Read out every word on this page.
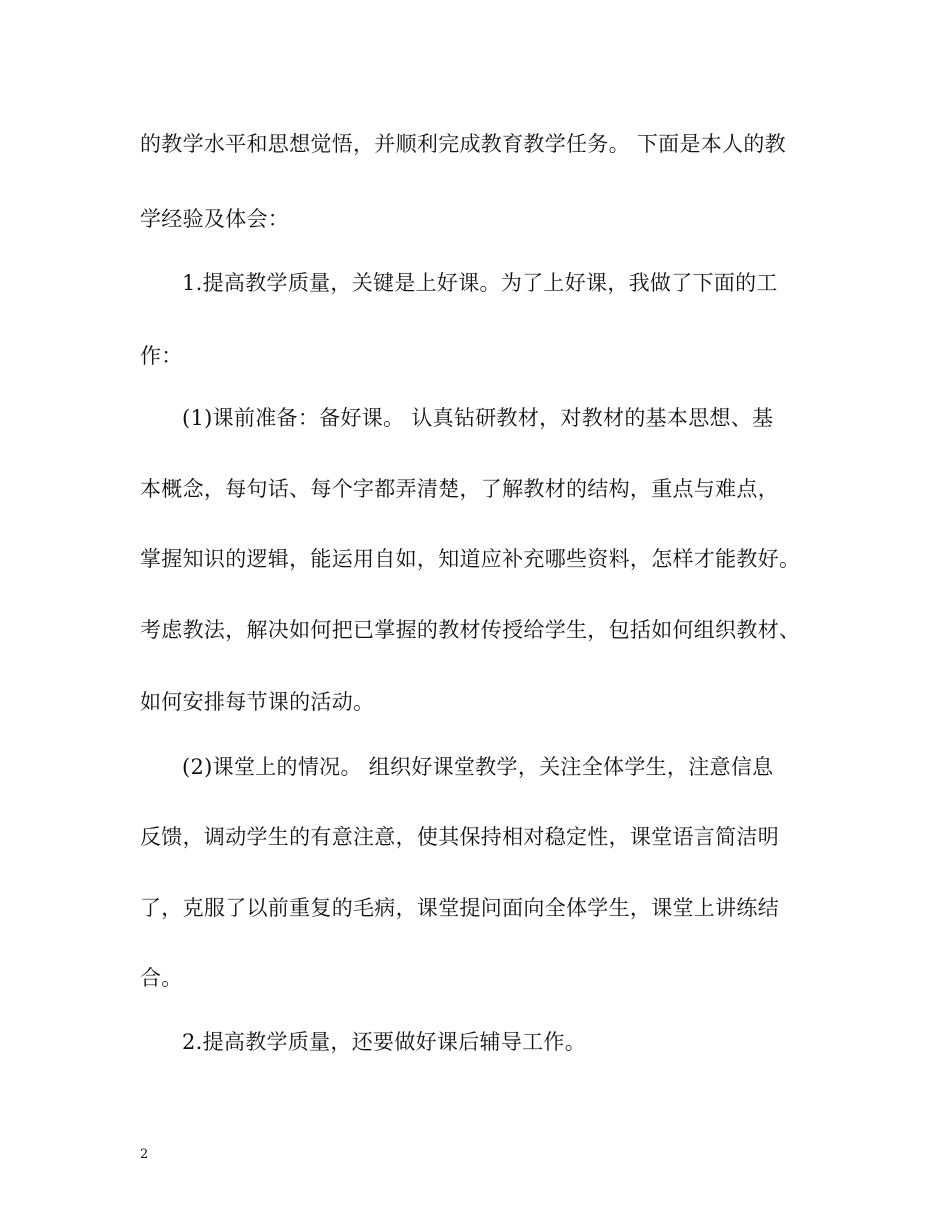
的教学水平和思想觉悟，并顺利完成教育教学任务。 下面是本人的教
学经验及体会：
1.提高教学质量，关键是上好课。为了上好课，我做了下面的工
作：
(1)课前准备：备好课。 认真钻研教材，对教材的基本思想、基
本概念，每句话、每个字都弄清楚，了解教材的结构，重点与难点，
掌握知识的逻辑，能运用自如，知道应补充哪些资料，怎样才能教好。
考虑教法，解决如何把已掌握的教材传授给学生，包括如何组织教材、
如何安排每节课的活动。
(2)课堂上的情况。 组织好课堂教学，关注全体学生，注意信息
反馈，调动学生的有意注意，使其保持相对稳定性，课堂语言简洁明
了，克服了以前重复的毛病，课堂提问面向全体学生，课堂上讲练结
合。
2.提高教学质量，还要做好课后辅导工作。
2
